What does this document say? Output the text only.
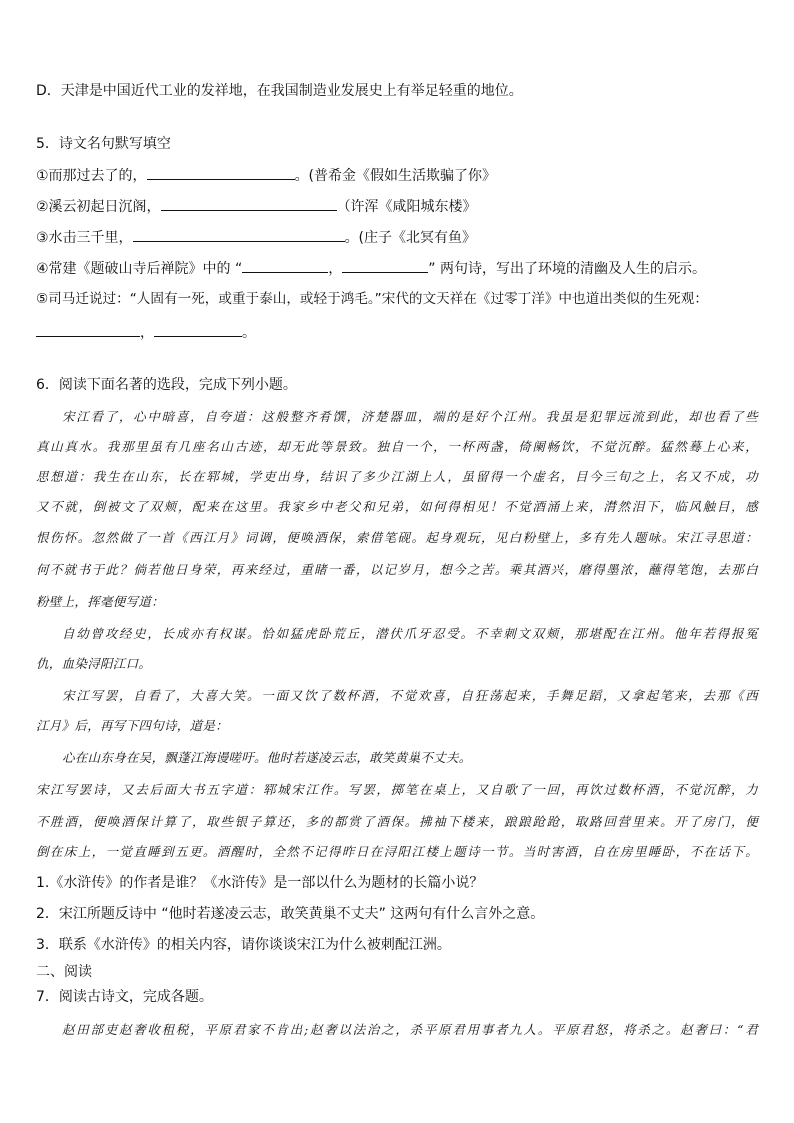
D．天津是中国近代工业的发祥地，在我国制造业发展史上有举足轻重的地位。
5．诗文名句默写填空
①而那过去了的，	。(普希金《假如生活欺骗了你》
②溪云初起日沉阁，	（许浑《咸阳城东楼》
③水击三千里，	。(庄子《北冥有鱼》
④常建《题破山寺后禅院》中的 “	，	” 两句诗，写出了环境的清幽及人生的启示。
⑤司马迁说过：“人固有一死，或重于泰山，或轻于鸿毛。”宋代的文天祥在《过零丁洋》中也道出类似的生死观：
，	。
6．阅读下面名著的选段，完成下列小题。
宋江看了，心中暗喜，自夸道：这般整齐肴馔，济楚器皿，端的是好个江州。我虽是犯罪远流到此，却也看了些
真山真水。我那里虽有几座名山古迹，却无此等景致。独自一个，一杯两盏，倚阑畅饮，不觉沉醉。猛然蓦上心来，
思想道：我生在山东，长在郓城，学吏出身，结识了多少江湖上人，虽留得一个虚名，目今三旬之上，名又不成，功
又不就，倒被文了双颊，配来在这里。我家乡中老父和兄弟，如何得相见！不觉酒涌上来，潸然泪下，临风触目，感
恨伤怀。忽然做了一首《西江月》词调，便唤酒保，索借笔砚。起身观玩，见白粉壁上，多有先人题咏。宋江寻思道：
何不就书于此？倘若他日身荣，再来经过，重睹一番，以记岁月，想今之苦。乘其酒兴，磨得墨浓，蘸得笔饱，去那白
粉壁上，挥毫便写道：
自幼曾攻经史，长成亦有权谋。恰如猛虎卧荒丘，潜伏爪牙忍受。不幸刺文双颊，那堪配在江州。他年若得报冤
仇，血染浔阳江口。
宋江写罢，自看了，大喜大笑。一面又饮了数杯酒，不觉欢喜，自狂荡起来，手舞足蹈，又拿起笔来，去那《西
江月》后，再写下四句诗，道是：
心在山东身在吴，飘蓬江海谩嗟吁。他时若遂凌云志，敢笑黄巢不丈夫。
宋江写罢诗，又去后面大书五字道：郓城宋江作。写罢，掷笔在桌上，又自歌了一回，再饮过数杯酒，不觉沉醉，力
不胜酒，便唤酒保计算了，取些银子算还，多的都赏了酒保。拂袖下楼来，踉踉跄跄，取路回营里来。开了房门，便
倒在床上，一觉直睡到五更。酒醒时，全然不记得昨日在浔阳江楼上题诗一节。当时害酒，自在房里睡卧，不在话下。
1.《水浒传》的作者是谁？《水浒传》是一部以什么为题材的长篇小说？
2．宋江所题反诗中 “他时若遂凌云志，敢笑黄巢不丈夫” 这两句有什么言外之意。
3．联系《水浒传》的相关内容，请你谈谈宋江为什么被刺配江洲。
二、阅读
7．阅读古诗文，完成各题。
赵田部吏赵奢收租税，平原君家不肯出;赵奢以法治之，杀平原君用事者九人。平原君怒，将杀之。赵奢曰：“君
